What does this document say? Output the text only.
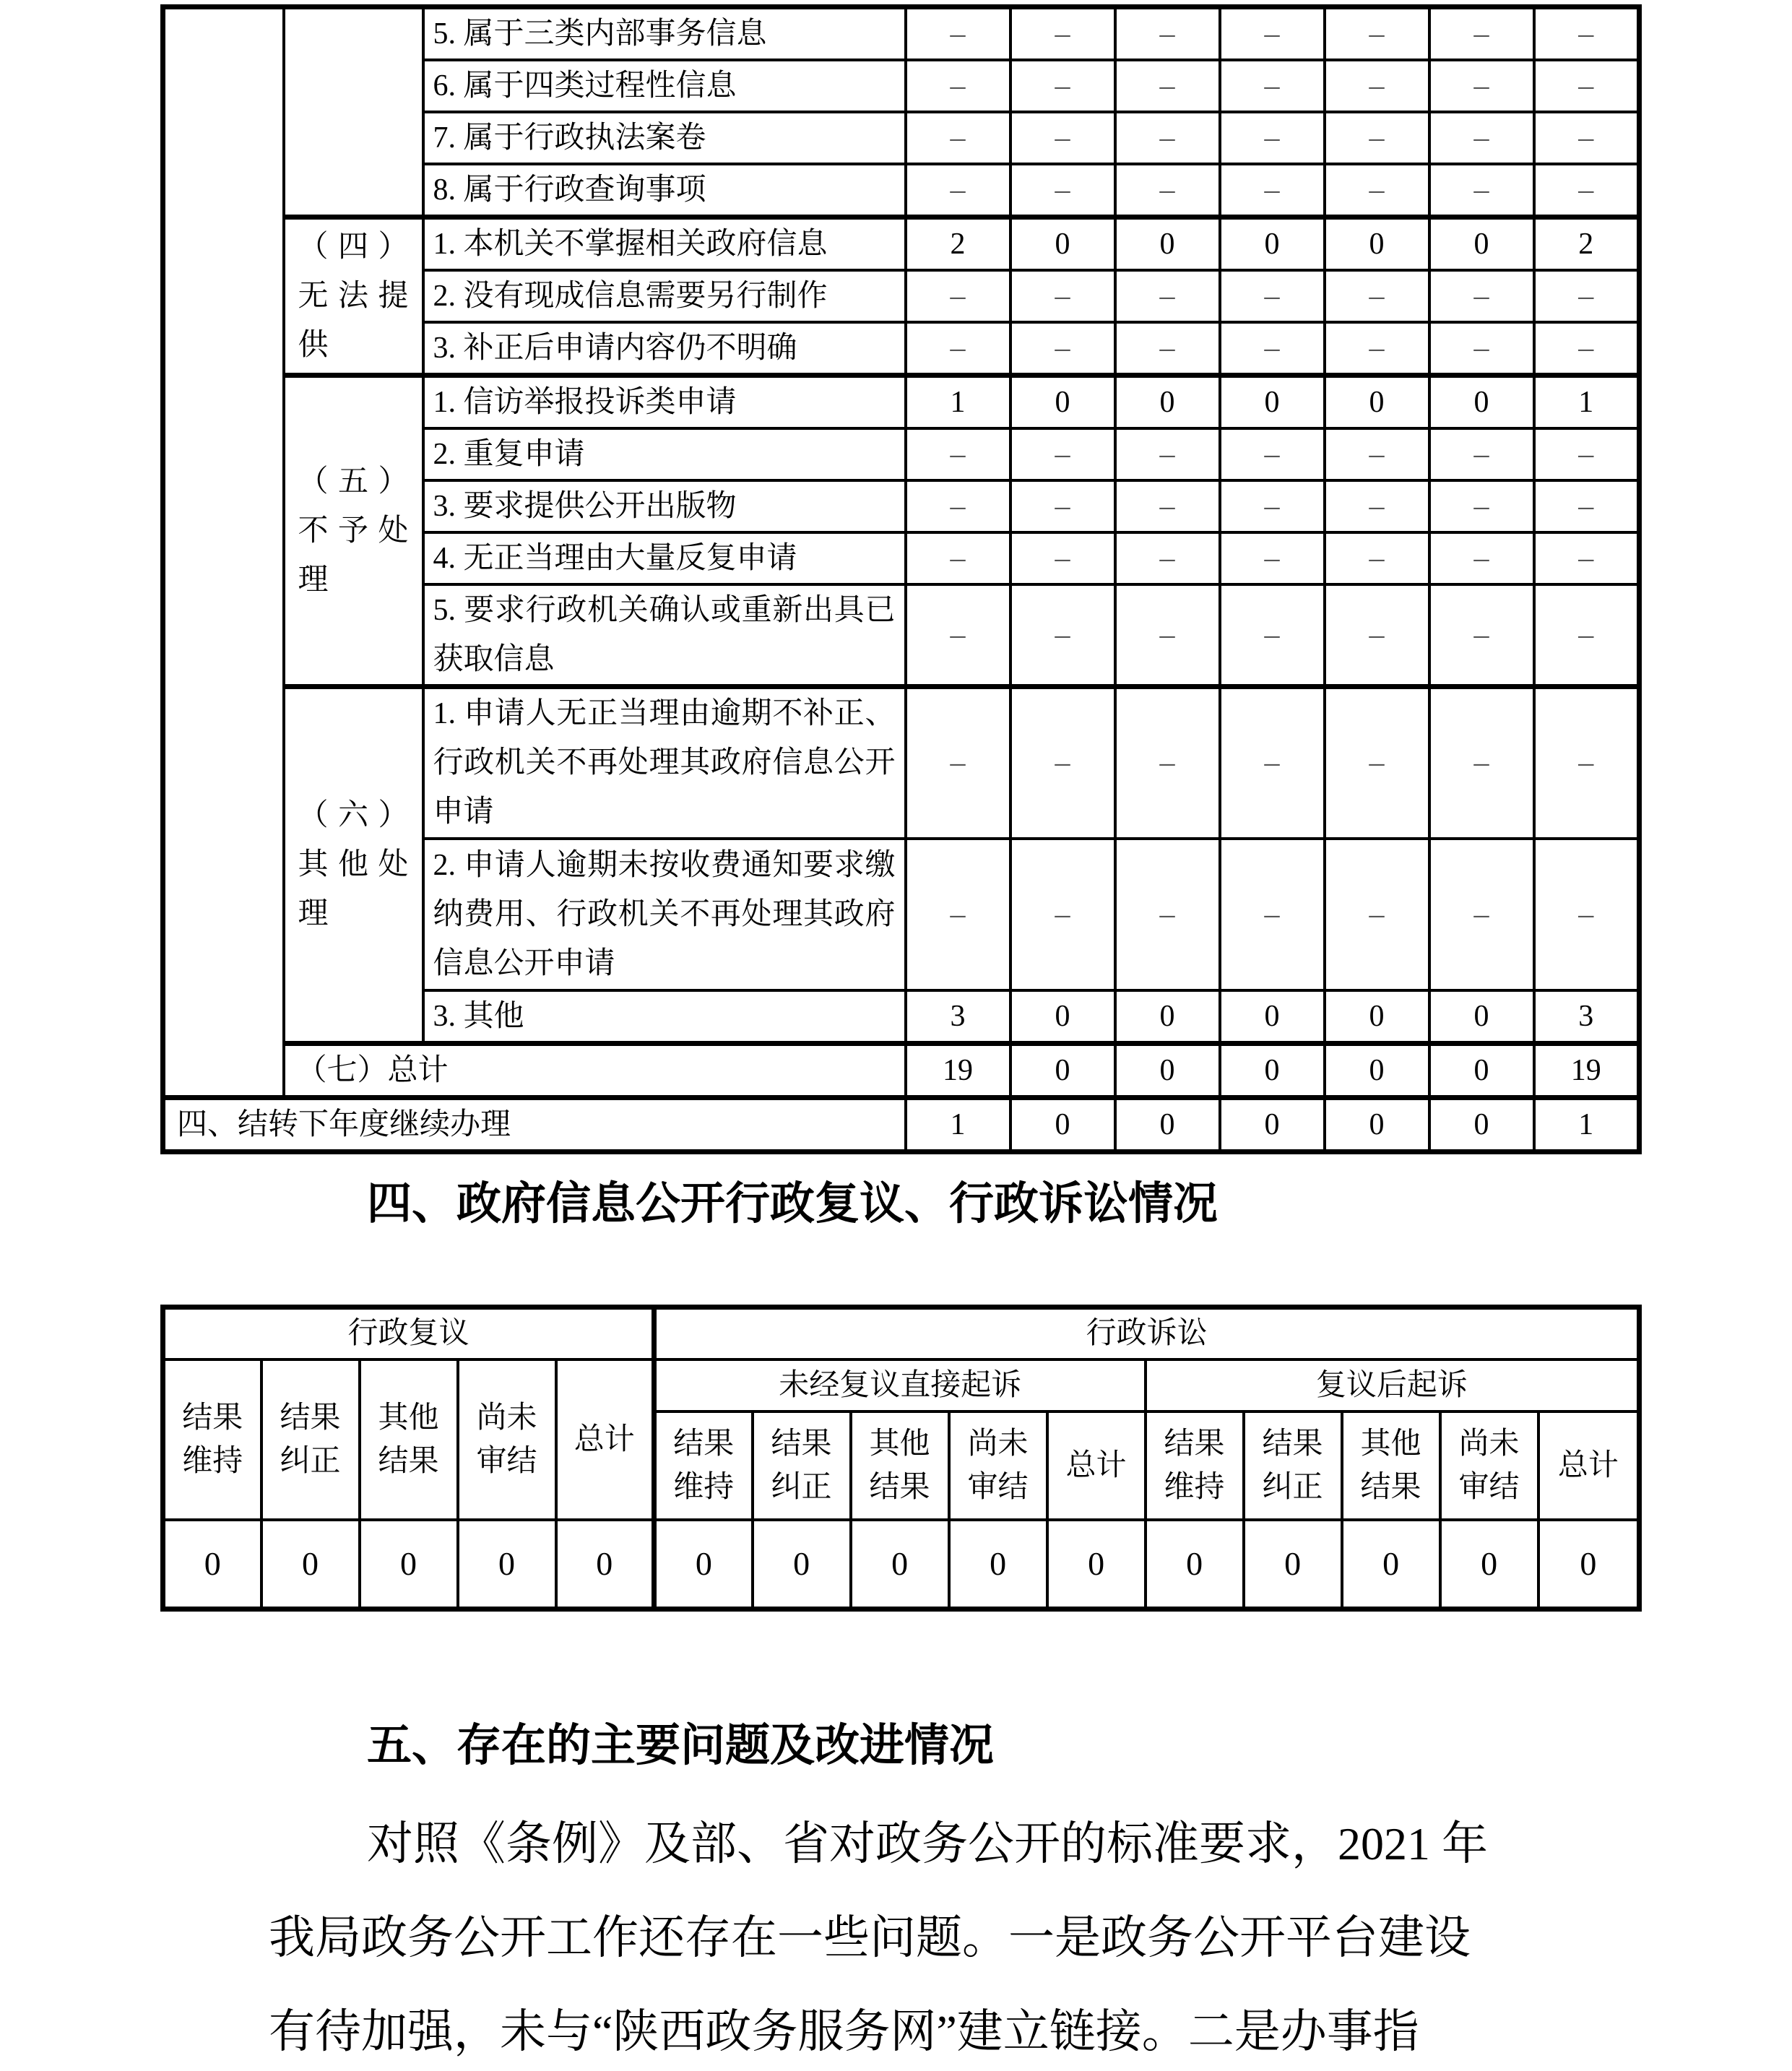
		5. 属于三类内部事务信息	–	–	–	–	–	–	–
		6. 属于四类过程性信息	–	–	–	–	–	–	–
		7. 属于行政执法案卷	–	–	–	–	–	–	–
		8. 属于行政查询事项	–	–	–	–	–	–	–
	（四）无法提供	1. 本机关不掌握相关政府信息	2	0	0	0	0	0	2
		2. 没有现成信息需要另行制作	–	–	–	–	–	–	–
		3. 补正后申请内容仍不明确	–	–	–	–	–	–	–
	（五）不予处理	1. 信访举报投诉类申请	1	0	0	0	0	0	1
		2. 重复申请	–	–	–	–	–	–	–
		3. 要求提供公开出版物	–	–	–	–	–	–	–
		4. 无正当理由大量反复申请	–	–	–	–	–	–	–
		5. 要求行政机关确认或重新出具已获取信息	–	–	–	–	–	–	–
	（六）其他处理	1. 申请人无正当理由逾期不补正、行政机关不再处理其政府信息公开申请	–	–	–	–	–	–	–
		2. 申请人逾期未按收费通知要求缴纳费用、行政机关不再处理其政府信息公开申请	–	–	–	–	–	–	–
		3. 其他	3	0	0	0	0	0	3
	（七）总计		19	0	0	0	0	0	19
四、结转下年度继续办理			1	0	0	0	0	0	1
四、政府信息公开行政复议、行政诉讼情况
行政复议					行政诉讼									
结果维持	结果纠正	其他结果	尚未审结	总计	未经复议直接起诉					复议后起诉				
					结果维持	结果纠正	其他结果	尚未审结	总计	结果维持	结果纠正	其他结果	尚未审结	总计
0	0	0	0	0	0	0	0	0	0	0	0	0	0	0
五、存在的主要问题及改进情况
对照《条例》及部、省对政务公开的标准要求，2021 年
我局政务公开工作还存在一些问题。一是政务公开平台建设
有待加强，未与“陕西政务服务网”建立链接。二是办事指
